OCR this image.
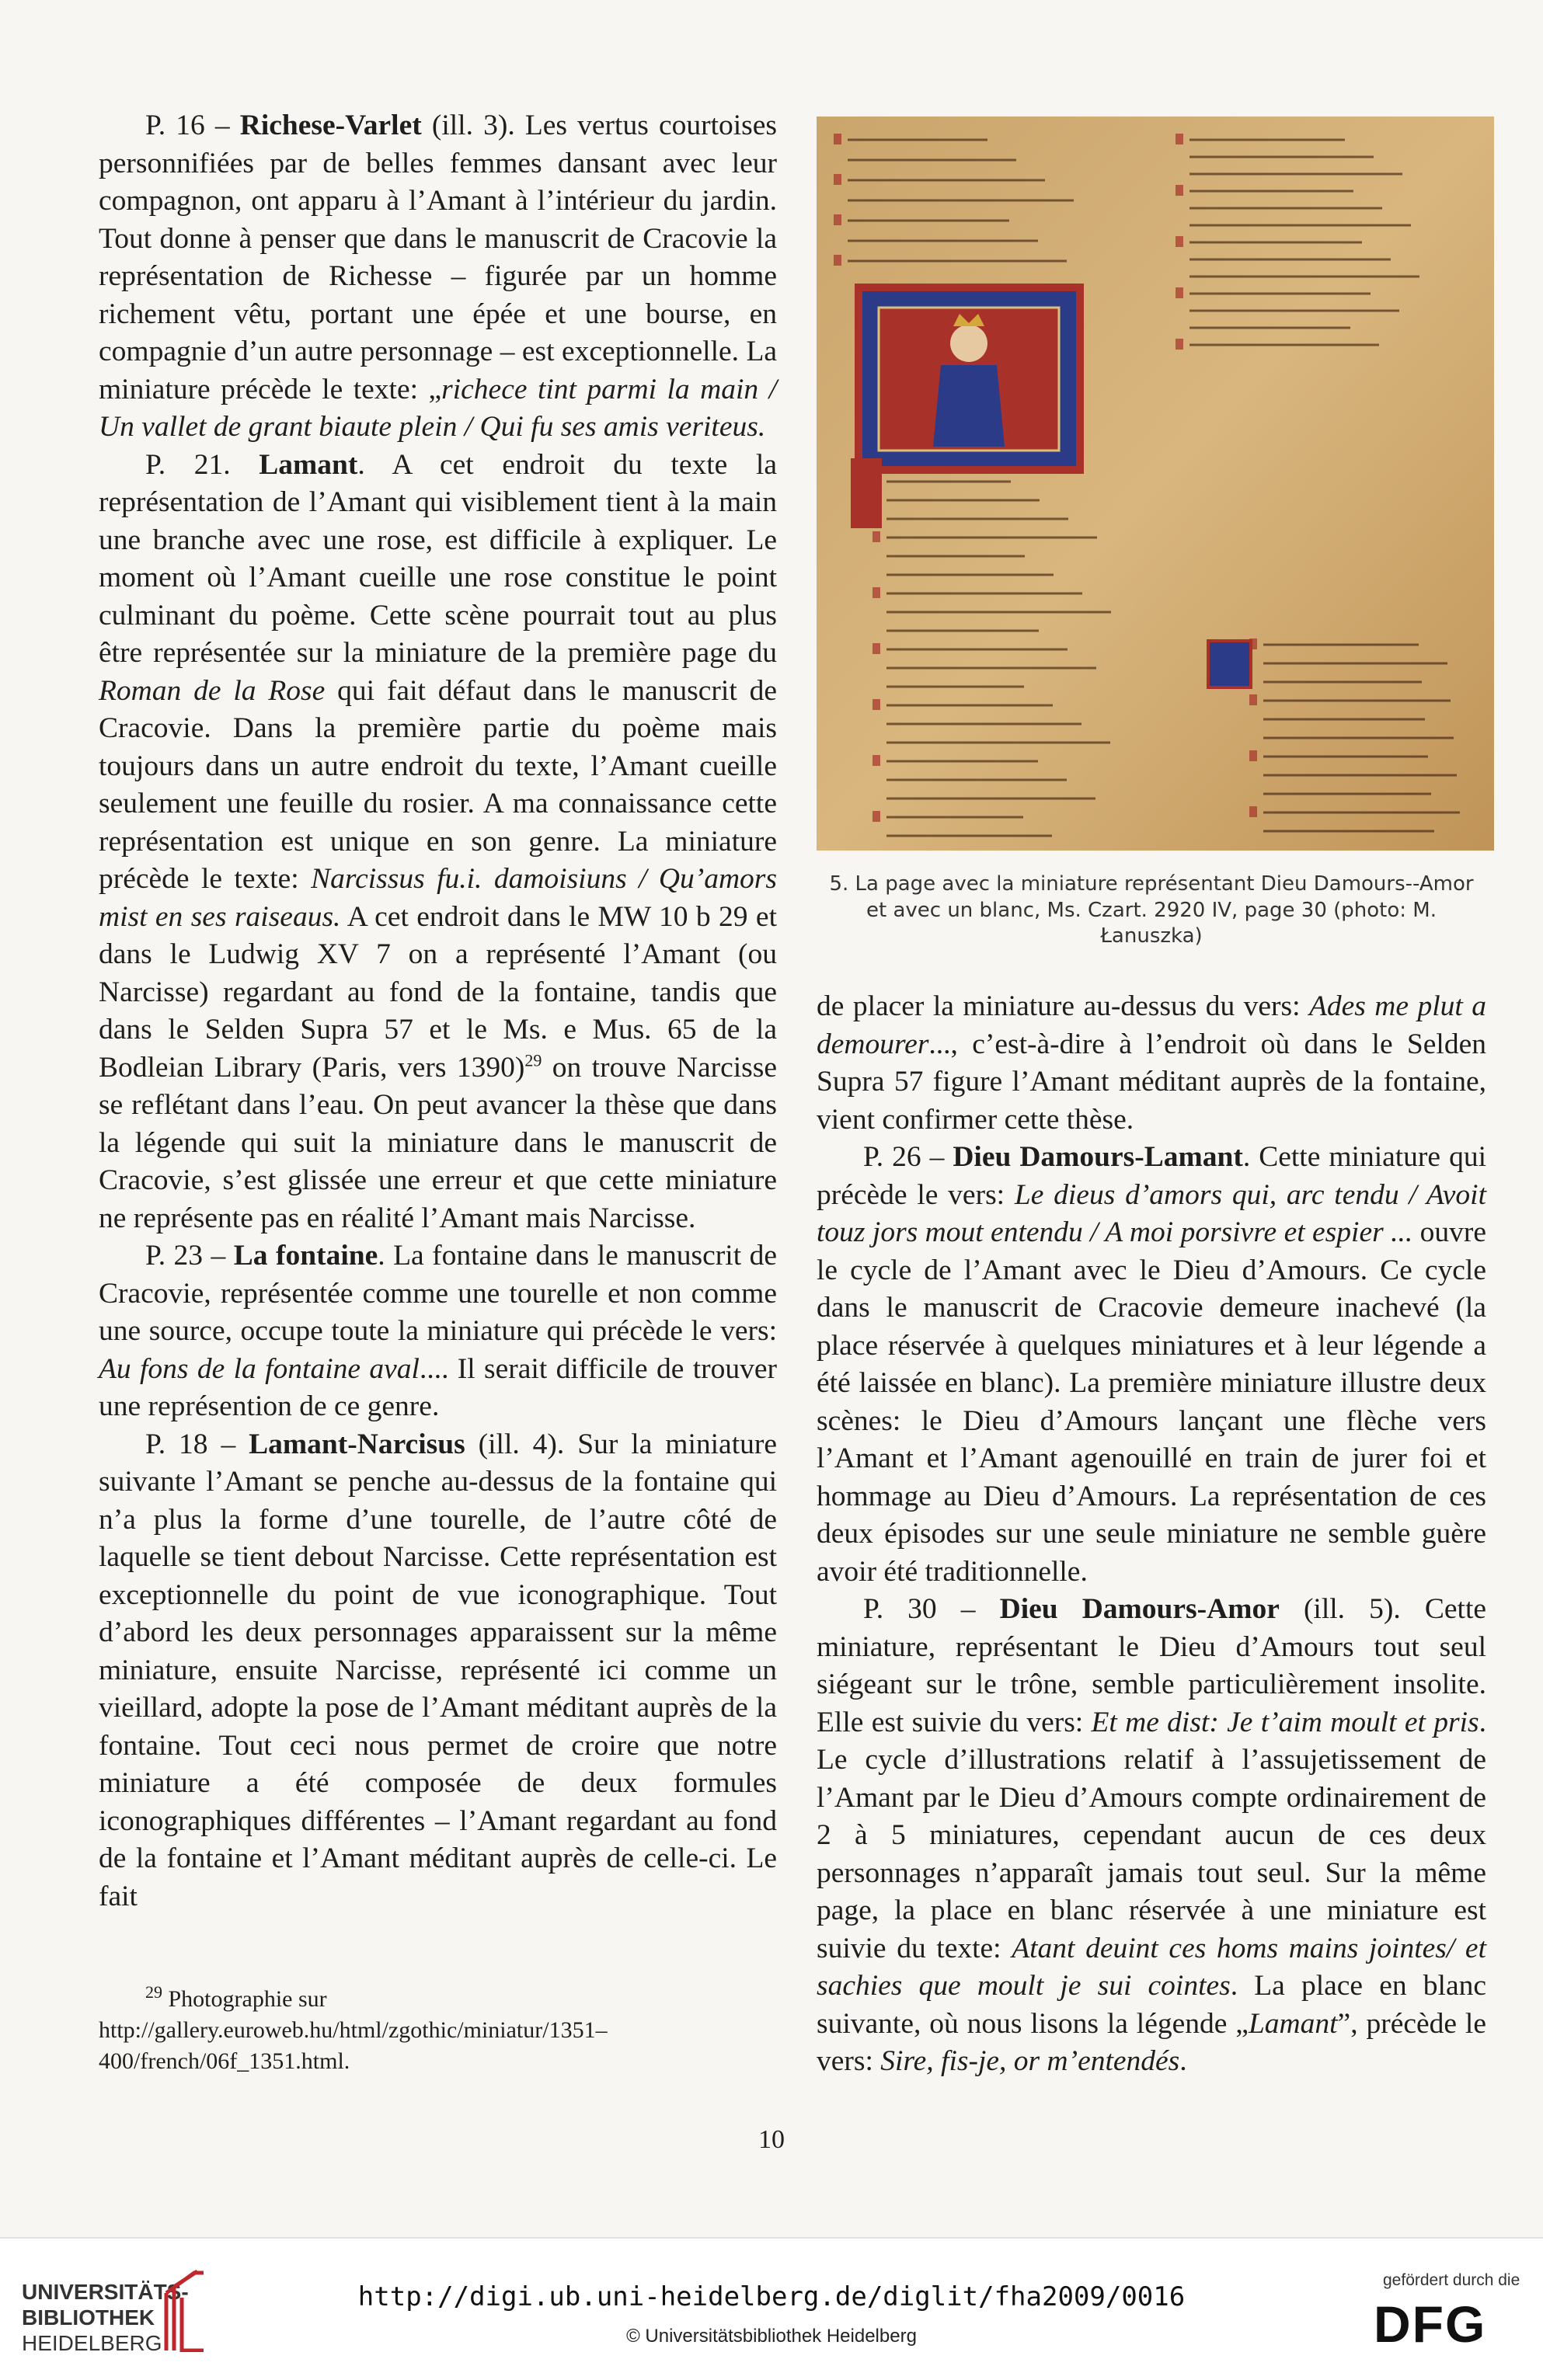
P. 16 – Richese-Varlet (ill. 3). Les vertus courtoises personnifiées par de belles femmes dansant avec leur compagnon, ont apparu à l’Amant à l’intérieur du jardin. Tout donne à penser que dans le manuscrit de Cracovie la représentation de Richesse – figurée par un homme richement vêtu, portant une épée et une bourse, en compagnie d’un autre personnage – est exceptionnelle. La miniature précède le texte: „richece tint parmi la main / Un vallet de grant biaute plein / Qui fu ses amis veriteus.

P. 21. Lamant. A cet endroit du texte la représentation de l’Amant qui visiblement tient à la main une branche avec une rose, est difficile à expliquer. Le moment où l’Amant cueille une rose constitue le point culminant du poème. Cette scène pourrait tout au plus être représentée sur la miniature de la première page du Roman de la Rose qui fait défaut dans le manuscrit de Cracovie. Dans la première partie du poème mais toujours dans un autre endroit du texte, l’Amant cueille seulement une feuille du rosier. A ma connaissance cette représentation est unique en son genre. La miniature précède le texte: Narcissus fu.i. damoisiuns / Qu’amors mist en ses raiseaus. A cet endroit dans le MW 10 b 29 et dans le Ludwig XV 7 on a représenté l’Amant (ou Narcisse) regardant au fond de la fontaine, tandis que dans le Selden Supra 57 et le Ms. e Mus. 65 de la Bodleian Library (Paris, vers 1390)$^{29}$ on trouve Narcisse se reflétant dans l’eau. On peut avancer la thèse que dans la légende qui suit la miniature dans le manuscrit de Cracovie, s’est glissée une erreur et que cette miniature ne représente pas en réalité l’Amant mais Narcisse.

P. 23 – La fontaine. La fontaine dans le manuscrit de Cracovie, représentée comme une tourelle et non comme une source, occupe toute la miniature qui précède le vers: Au fons de la fontaine aval.... Il serait difficile de trouver une représention de ce genre.

P. 18 – Lamant-Narcisus (ill. 4). Sur la miniature suivante l’Amant se penche au-dessus de la fontaine qui n’a plus la forme d’une tourelle, de l’autre côté de laquelle se tient debout Narcisse. Cette représentation est exceptionnelle du point de vue iconographique. Tout d’abord les deux personnages apparaissent sur la même miniature, ensuite Narcisse, représenté ici comme un vieillard, adopte la pose de l’Amant méditant auprès de la fontaine. Tout ceci nous permet de croire que notre miniature a été composée de deux formules iconographiques différentes – l’Amant regardant au fond de la fontaine et l’Amant méditant auprès de celle-ci. Le fait

$^{29}$ Photographie sur http://gallery.euroweb.hu/html/zgothic/miniatur/1351–400/french/06f_1351.html.

5. La page avec la miniature représentant Dieu Damours--Amor et avec un blanc, Ms. Czart. 2920 IV, page 30 (photo: M. Łanuszka)

de placer la miniature au-dessus du vers: Ades me plut a demourer..., c’est-à-dire à l’endroit où dans le Selden Supra 57 figure l’Amant méditant auprès de la fontaine, vient confirmer cette thèse.

P. 26 – Dieu Damours-Lamant. Cette miniature qui précède le vers: Le dieus d’amors qui, arc tendu / Avoit touz jors mout entendu / A moi porsivre et espier ... ouvre le cycle de l’Amant avec le Dieu d’Amours. Ce cycle dans le manuscrit de Cracovie demeure inachevé (la place réservée à quelques miniatures et à leur légende a été laissée en blanc). La première miniature illustre deux scènes: le Dieu d’Amours lançant une flèche vers l’Amant et l’Amant agenouillé en train de jurer foi et hommage au Dieu d’Amours. La représentation de ces deux épisodes sur une seule miniature ne semble guère avoir été traditionnelle.

P. 30 – Dieu Damours-Amor (ill. 5). Cette miniature, représentant le Dieu d’Amours tout seul siégeant sur le trône, semble particulièrement insolite. Elle est suivie du vers: Et me dist: Je t’aim moult et pris. Le cycle d’illustrations relatif à l’assujetissement de l’Amant par le Dieu d’Amours compte ordinairement de 2 à 5 miniatures, cependant aucun de ces deux personnages n’apparaît jamais tout seul. Sur la même page, la place en blanc réservée à une miniature est suivie du texte: Atant deuint ces homs mains jointes/ et sachies que moult je sui cointes. La place en blanc suivante, où nous lisons la légende „Lamant”, précède le vers: Sire, fis-je, or m’entendés.

10
UNIVERSITÄTS-
BIBLIOTHEK
HEIDELBERG
http://digi.ub.uni-heidelberg.de/diglit/fha2009/0016
© Universitätsbibliothek Heidelberg
gefördert durch die
DFG
